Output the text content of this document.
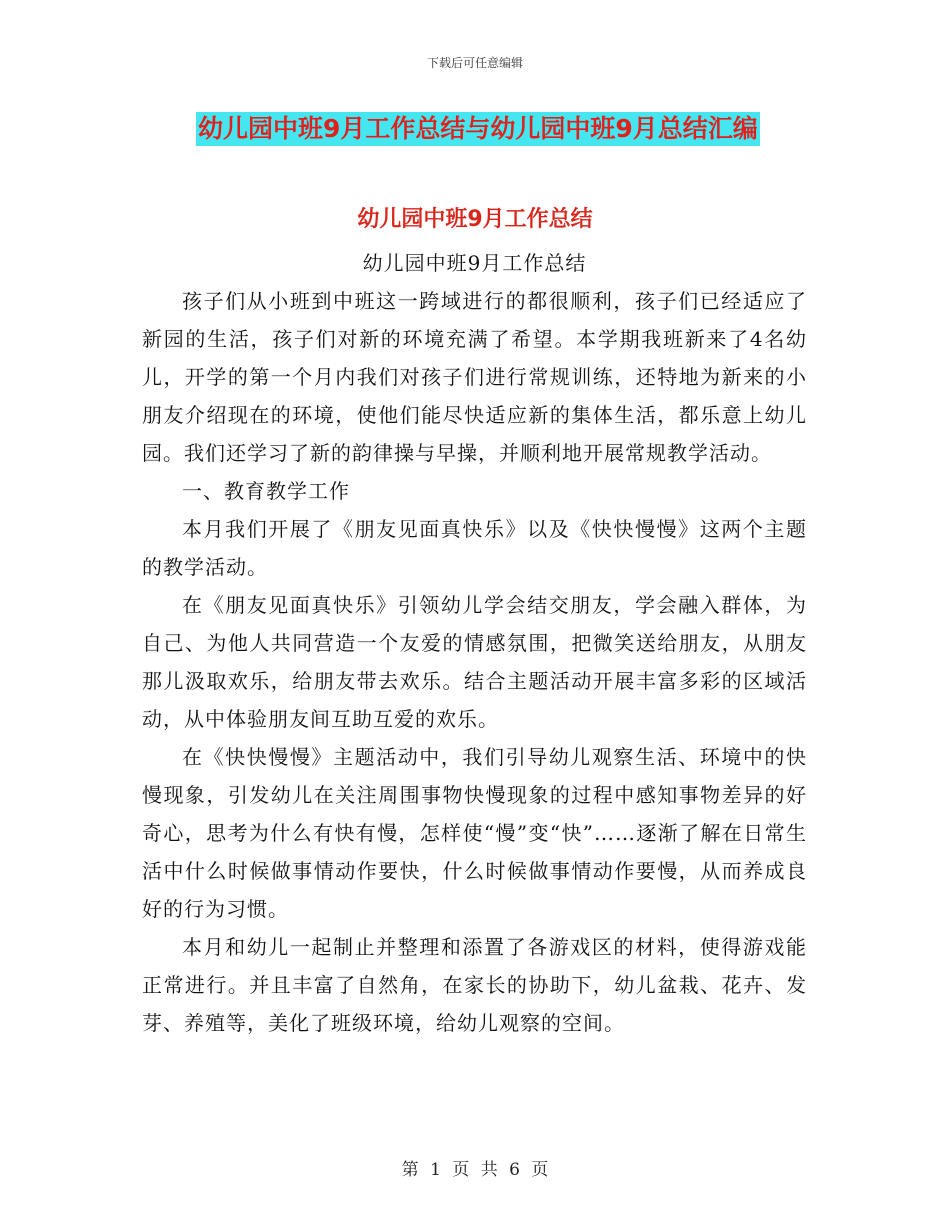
下载后可任意编辑
幼儿园中班9月工作总结与幼儿园中班9月总结汇编
幼儿园中班9月工作总结

幼儿园中班9月工作总结

孩子们从小班到中班这一跨域进行的都很顺利，孩子们已经适应了新园的生活，孩子们对新的环境充满了希望。本学期我班新来了4名幼儿，开学的第一个月内我们对孩子们进行常规训练，还特地为新来的小朋友介绍现在的环境，使他们能尽快适应新的集体生活，都乐意上幼儿园。我们还学习了新的韵律操与早操，并顺利地开展常规教学活动。

一、教育教学工作

本月我们开展了《朋友见面真快乐》以及《快快慢慢》这两个主题的教学活动。

在《朋友见面真快乐》引领幼儿学会结交朋友，学会融入群体，为自己、为他人共同营造一个友爱的情感氛围，把微笑送给朋友，从朋友那儿汲取欢乐，给朋友带去欢乐。结合主题活动开展丰富多彩的区域活动，从中体验朋友间互助互爱的欢乐。

在《快快慢慢》主题活动中，我们引导幼儿观察生活、环境中的快慢现象，引发幼儿在关注周围事物快慢现象的过程中感知事物差异的好奇心，思考为什么有快有慢，怎样使“慢”变“快”……逐渐了解在日常生活中什么时候做事情动作要快，什么时候做事情动作要慢，从而养成良好的行为习惯。

本月和幼儿一起制止并整理和添置了各游戏区的材料，使得游戏能正常进行。并且丰富了自然角，在家长的协助下，幼儿盆栽、花卉、发芽、养殖等，美化了班级环境，给幼儿观察的空间。

第 1 页 共 6 页
